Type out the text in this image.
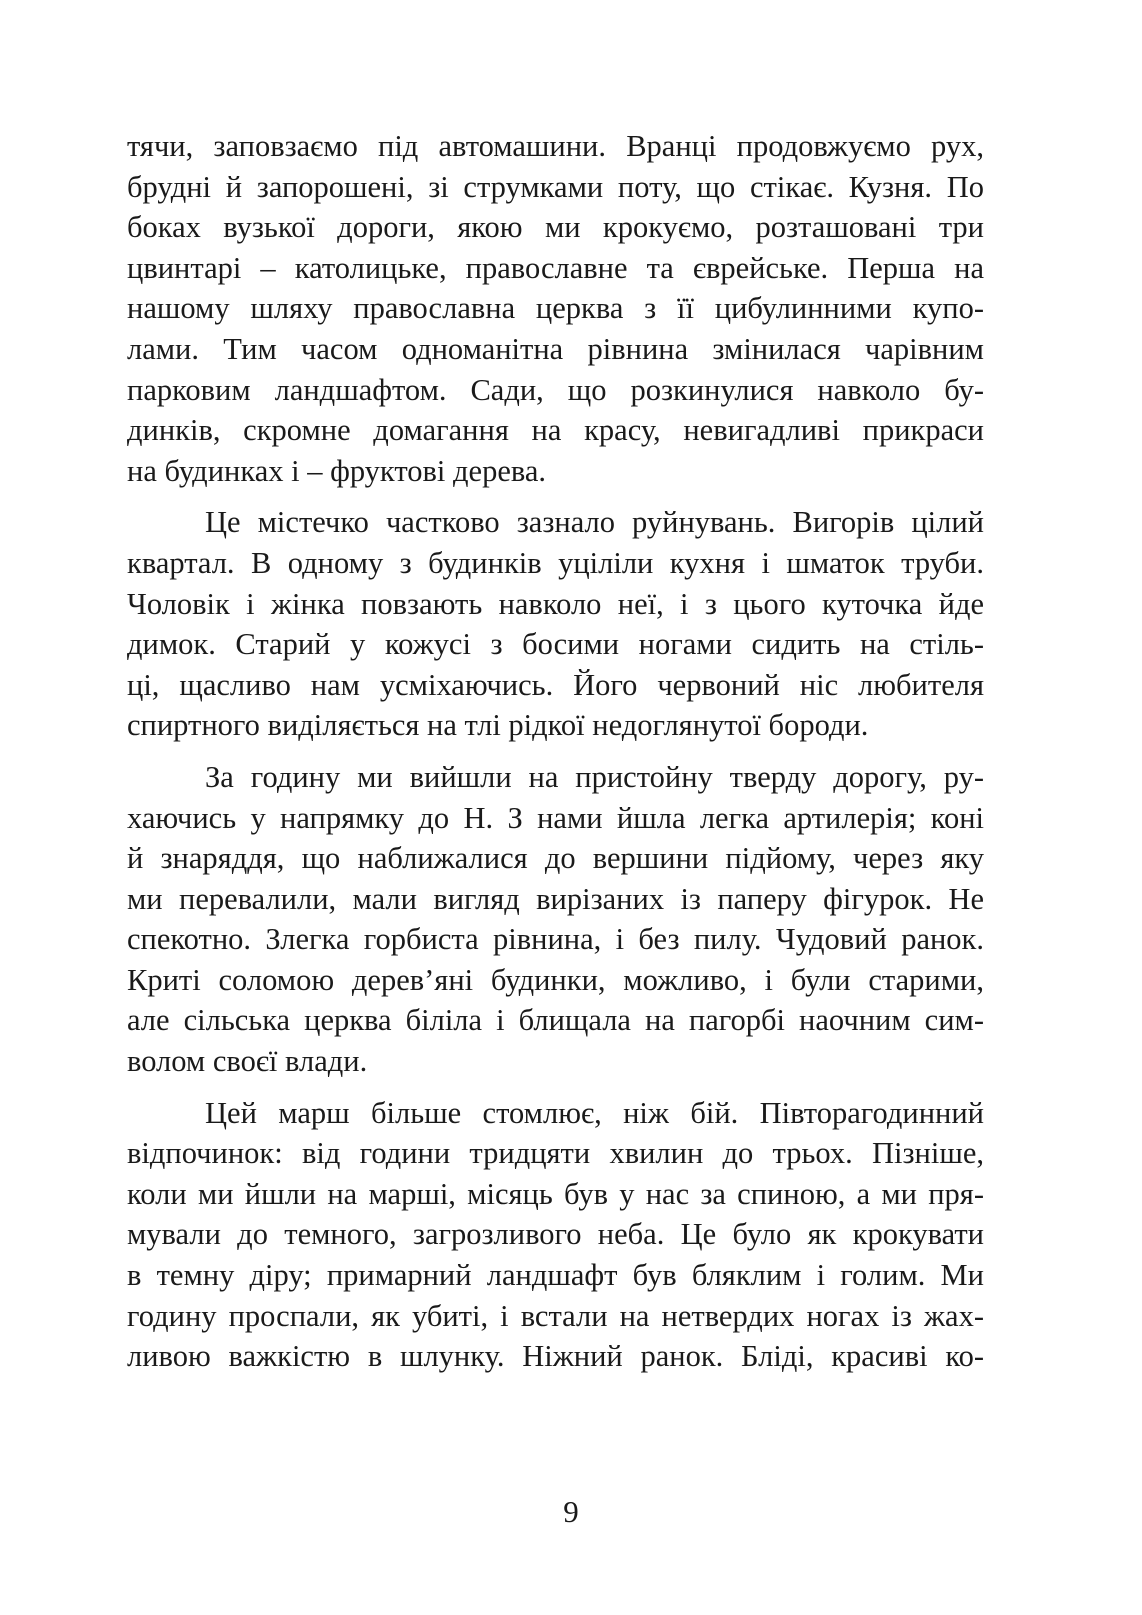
тячи, заповзаємо під автомашини. Вранці продовжуємо рух,
брудні й запорошені, зі струмками поту, що стікає. Кузня. По
боках вузької дороги, якою ми крокуємо, розташовані три
цвинтарі – католицьке, православне та єврейське. Перша на
нашому шляху православна церква з її цибулинними купо-
лами. Тим часом одноманітна рівнина змінилася чарівним
парковим ландшафтом. Сади, що розкинулися навколо бу-
динків, скромне домагання на красу, невигадливі прикраси
на будинках і – фруктові дерева.
Це містечко частково зазнало руйнувань. Вигорів цілий
квартал. В одному з будинків уціліли кухня і шматок труби.
Чоловік і жінка повзають навколо неї, і з цього куточка йде
димок. Старий у кожусі з босими ногами сидить на стіль-
ці, щасливо нам усміхаючись. Його червоний ніс любителя
спиртного виділяється на тлі рідкої недоглянутої бороди.
За годину ми вийшли на пристойну тверду дорогу, ру-
хаючись у напрямку до Н. З нами йшла легка артилерія; коні
й знаряддя, що наближалися до вершини підйому, через яку
ми перевалили, мали вигляд вирізаних із паперу фігурок. Не
спекотно. Злегка горбиста рівнина, і без пилу. Чудовий ранок.
Криті соломою дерев’яні будинки, можливо, і були старими,
але сільська церква біліла і блищала на пагорбі наочним сим-
волом своєї влади.
Цей марш більше стомлює, ніж бій. Півторагодинний
відпочинок: від години тридцяти хвилин до трьох. Пізніше,
коли ми йшли на марші, місяць був у нас за спиною, а ми пря-
мували до темного, загрозливого неба. Це було як крокувати
в темну діру; примарний ландшафт був бляклим і голим. Ми
годину проспали, як убиті, і встали на нетвердих ногах із жах-
ливою важкістю в шлунку. Ніжний ранок. Бліді, красиві ко-
9
